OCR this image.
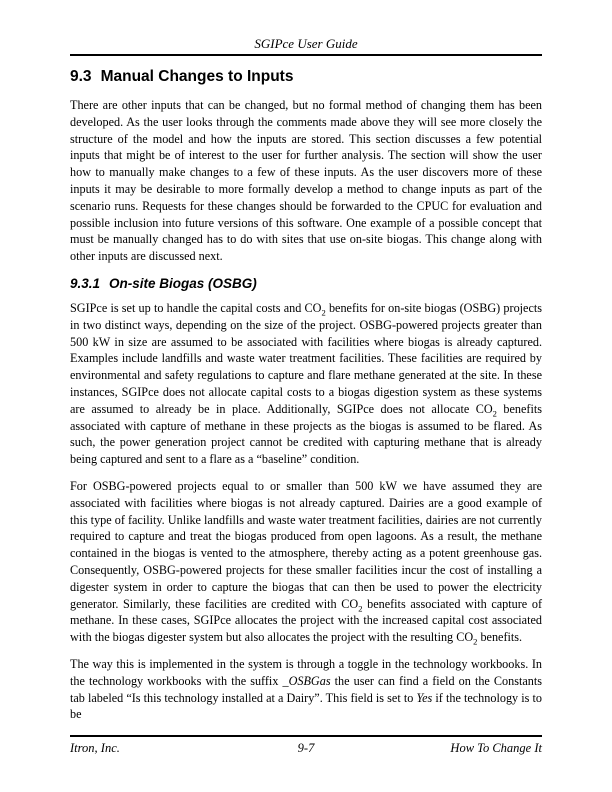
SGIPce User Guide
9.3 Manual Changes to Inputs

There are other inputs that can be changed, but no formal method of changing them has been developed. As the user looks through the comments made above they will see more closely the structure of the model and how the inputs are stored. This section discusses a few potential inputs that might be of interest to the user for further analysis. The section will show the user how to manually make changes to a few of these inputs. As the user discovers more of these inputs it may be desirable to more formally develop a method to change inputs as part of the scenario runs. Requests for these changes should be forwarded to the CPUC for evaluation and possible inclusion into future versions of this software. One example of a possible concept that must be manually changed has to do with sites that use on-site biogas. This change along with other inputs are discussed next.

9.3.1 On-site Biogas (OSBG)

SGIPce is set up to handle the capital costs and $CO_2$ benefits for on-site biogas (OSBG) projects in two distinct ways, depending on the size of the project. OSBG-powered projects greater than 500 kW in size are assumed to be associated with facilities where biogas is already captured. Examples include landfills and waste water treatment facilities. These facilities are required by environmental and safety regulations to capture and flare methane generated at the site. In these instances, SGIPce does not allocate capital costs to a biogas digestion system as these systems are assumed to already be in place. Additionally, SGIPce does not allocate $CO_2$ benefits associated with capture of methane in these projects as the biogas is assumed to be flared. As such, the power generation project cannot be credited with capturing methane that is already being captured and sent to a flare as a “baseline” condition.

For OSBG-powered projects equal to or smaller than 500 kW we have assumed they are associated with facilities where biogas is not already captured. Dairies are a good example of this type of facility. Unlike landfills and waste water treatment facilities, dairies are not currently required to capture and treat the biogas produced from open lagoons. As a result, the methane contained in the biogas is vented to the atmosphere, thereby acting as a potent greenhouse gas. Consequently, OSBG-powered projects for these smaller facilities incur the cost of installing a digester system in order to capture the biogas that can then be used to power the electricity generator. Similarly, these facilities are credited with $CO_2$ benefits associated with capture of methane. In these cases, SGIPce allocates the project with the increased capital cost associated with the biogas digester system but also allocates the project with the resulting $CO_2$ benefits.

The way this is implemented in the system is through a toggle in the technology workbooks. In the technology workbooks with the suffix _OSBGas the user can find a field on the Constants tab labeled “Is this technology installed at a Dairy”. This field is set to Yes if the technology is to be

Itron, Inc.	9-7	How To Change It
